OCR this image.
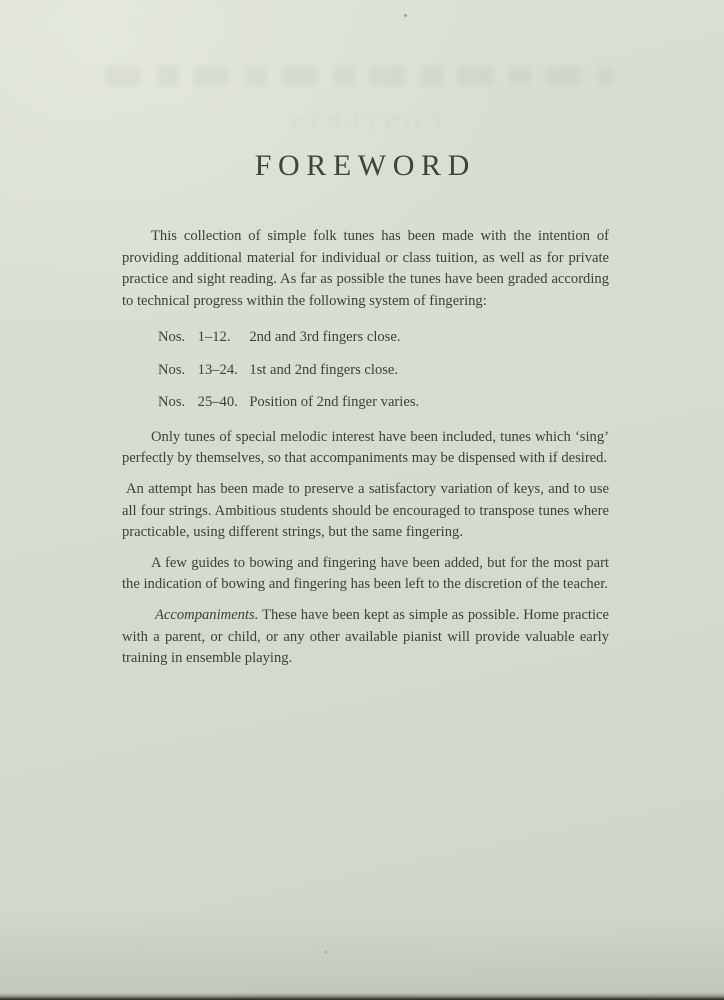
CONTENTS
FOREWORD

This collection of simple folk tunes has been made with the intention of providing additional material for individual or class tuition, as well as for private practice and sight reading. As far as possible the tunes have been graded according to technical progress within the following system of fingering:

Nos. 1–12. 2nd and 3rd fingers close.
Nos. 13–24. 1st and 2nd fingers close.
Nos. 25–40. Position of 2nd finger varies.

Only tunes of special melodic interest have been included, tunes which ‘sing’ perfectly by themselves, so that accompaniments may be dispensed with if desired.

An attempt has been made to preserve a satisfactory variation of keys, and to use all four strings. Ambitious students should be encouraged to transpose tunes where practicable, using different strings, but the same fingering.

A few guides to bowing and fingering have been added, but for the most part the indication of bowing and fingering has been left to the discretion of the teacher.

Accompaniments. These have been kept as simple as possible. Home practice with a parent, or child, or any other available pianist will provide valuable early training in ensemble playing.
